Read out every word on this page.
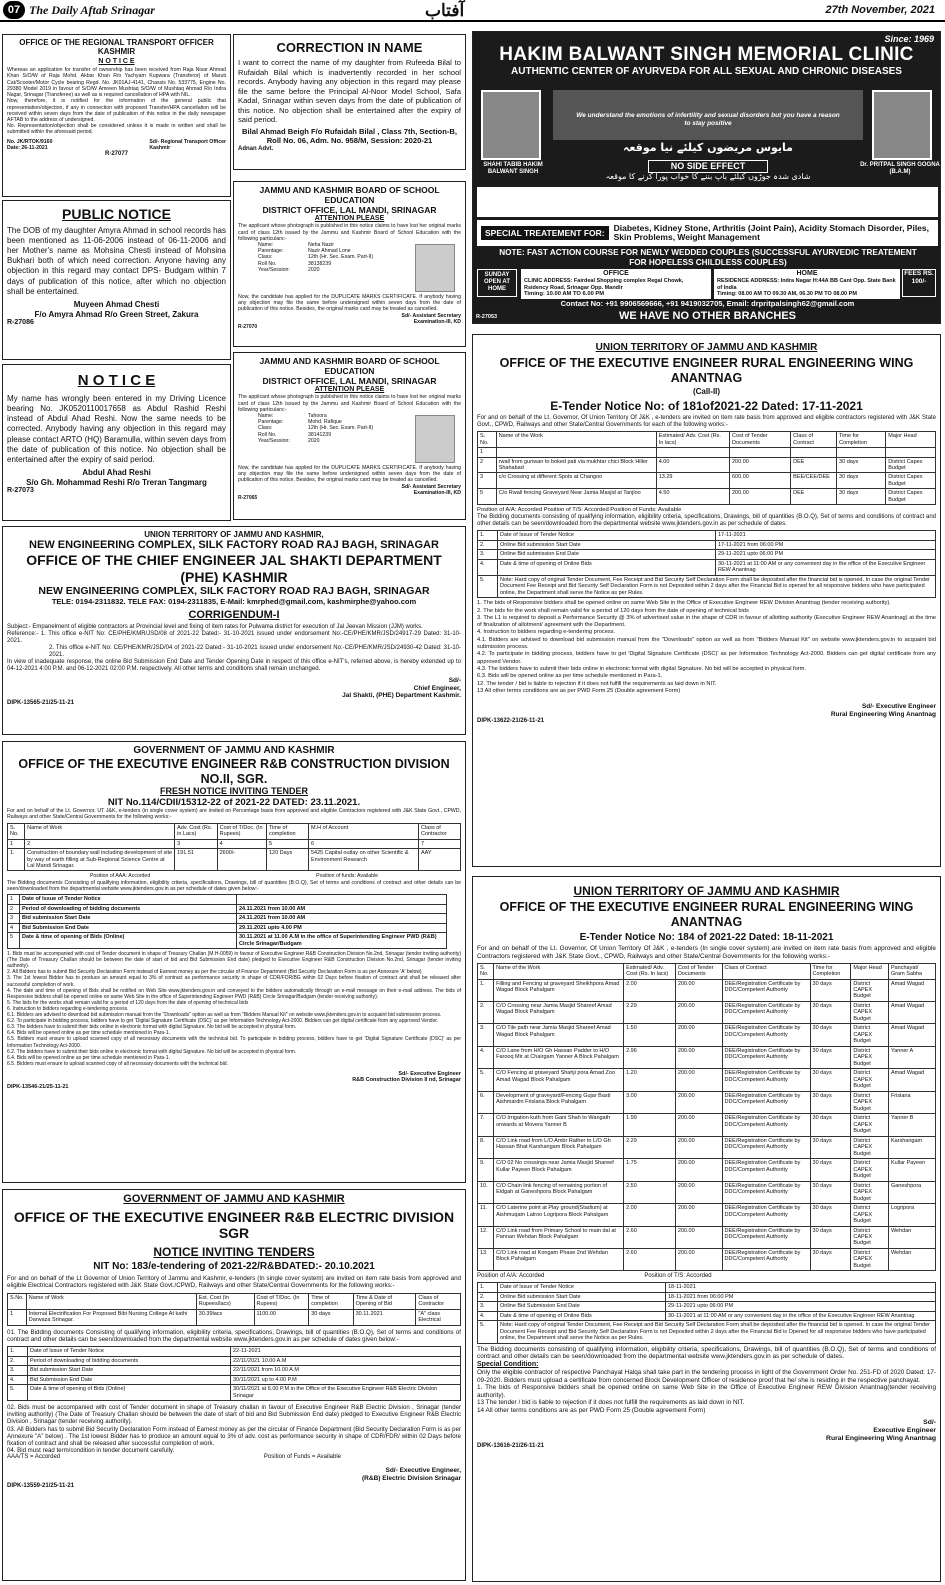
07 The Daily Aftab Srinagar	آفتاب	27th November, 2021
OFFICE OF THE REGIONAL TRANSPORT OFFICER KASHMIR
N O T I C E

Whereas an application for transfer of ownership has been received from Raja Nisar Ahmad Khan S/O/W of Raja Mohd. Akbar Khan R/o Yachyam Kupwara (Transferor) of Maruti Cat/Scooter/Motor Cycle bearing Regd. No. JK01AJ-4141, Chassis No. 533775, Engine No. 29380 Model 2019 in favour of S/O/W Amreen Mushtaq S/O/W of Mushtaq Ahmad R/o Indra Nagar, Srinagar (Transferee) as well as is required cancellation of HPA with NIL.

Now, therefore, it is notified for the information of the general public that representation/objection, if any in connection with proposed Transfer/HPA cancellation will be received within seven days from the date of publication of this notice in the daily newspaper AFTAB to the address of undersigned.

No. Representation/objection shall be considered unless it is made in written and shall be submitted within the aforesaid period.

No. JK/RTOK/9160
Date: 26-11-2021
Sd/- Regional Transport Officer
Kashmir
R-27077
CORRECTION IN NAME

I want to correct the name of my daughter from Rufeeda Bilal to Rufaidah Bilal which is inadvertently recorded in her school records. Anybody having any objection in this regard may please file the same before the Principal Al-Noor Model School, Safa Kadal, Srinagar within seven days from the date of publication of this notice. No objection shall be entertained after the expiry of said period.

Bilal Ahmad Beigh F/o Rufaidah Bilal , Class 7th, Section-B, Roll No. 06, Adm. No. 958/M, Session: 2020-21

Adnan Advt.
PUBLIC NOTICE

The DOB of my daughter Amyra Ahmad in school records has been mentioned as 11-06-2006 instead of 06-11-2006 and her Mother's name as Mohsina Chesti instead of Mohsina Bukhari both of which need correction. Anyone having any objection in this regard may contact DPS- Budgam within 7 days of publication of this notice, after which no objection shall be entertained.

Muyeen Ahmad Chesti

F/o Amyra Ahmad R/o Green Street, Zakura

R-27086
N O T I C E

My name has wrongly been entered in my Driving Licence bearing No. JK0520110017658 as Abdul Rashid Reshi instead of Abdul Ahad Reshi. Now the same needs to be corrected. Anybody having any objection in this regard may please contact ARTO (HQ) Baramulla, within seven days from the date of publication of this notice. No objection shall be entertained after the expiry of said period.

Abdul Ahad Reshi

S/o Gh. Mohammad Reshi R/o Treran Tangmarg

R-27073
JAMMU AND KASHMIR BOARD OF SCHOOL EDUCATION
DISTRICT OFFICE, LAL MANDI, SRINAGAR
ATTENTION PLEASE

The applicant whose photograph is published in this notice claims to have lost her original marks card of class 12th issued by the Jammu and Kashmir Board of School Education with the following particulars:-

Name:	Neha Nazir
Parentage:	Nazir Ahmad Lone
Class:	12th (Hr. Sec. Exam. Part-II)
Roll No.	38138239
Year/Session:	2020

Now, the candidate has applied for the DUPLICATE MARKS CERTIFICATE. If anybody having any objection may file the same before undersigned within seven days from the date of publication of this notice. Besides, the original marks card may be treated as cancelled.

Sd/- Assistant Secretary
Examination-III, KD
R-27070
JAMMU AND KASHMIR BOARD OF SCHOOL EDUCATION
DISTRICT OFFICE, LAL MANDI, SRINAGAR
ATTENTION PLEASE

The applicant whose photograph is published in this notice claims to have lost her original marks card of class 12th issued by the Jammu and Kashmir Board of School Education with the following particulars:-

Name:	Tahoora
Parentage:	Mohd. Rafique
Class:	12th (Hr. Sec. Exam. Part-II)
Roll No.	38141239
Year/Session:	2020

Now, the candidate has applied for the DUPLICATE MARKS CERTIFICATE. If anybody having any objection may file the same before undersigned within seven days from the date of publication of this notice. Besides, the original marks card may be treated as cancelled.

Sd/- Assistant Secretary
Examination-III, KD
R-27065
Since: 1969
HAKIM BALWANT SINGH MEMORIAL CLINIC
AUTHENTIC CENTER OF AYURVEDA FOR ALL SEXUAL AND CHRONIC DISEASES
We understand the emotions of infertility and sexual disorders but you have a reason to stay positive
مایوس مریضوں کیلئے نیا موقعہ
SHAHI TABIB HAKIM BALWANT SINGH
Dr. PRITPAL SINGH GOGNA (B.A.M)
NO SIDE EFFECT
شادی شدہ جوڑوں کیلئے باپ بننے کا خواب پورا کرنے کا موقعہ
SPECIAL TREATEMENT FOR:
Diabetes, Kidney Stone, Arthritis (Joint Pain), Acidity Stomach Disorder, Piles, Skin Problems, Weight Management
NOTE: FAST ACTION COURSE FOR NEWLY WEDDED COUPLES (SUCCESSFUL AYURVEDIC TREATEMENT FOR HOPELESS CHILDLESS COUPLES)
SUNDAY OPEN AT HOME
OFFICE
CLINIC ADDRESS: Fairdeal Shopping complex Regal Chowk, Rsidency Road, Srinagar Opp. Mandir
Timing: 10.00 AM TO 6.00 PM
HOME
RESIDENCE ADDRESS: Indra Nagar H:44A BB Cant Opp. State Bank of India
Timing: 08.00 AM TO 09.30 AM, 06.30 PM TO 08.00 PM
FEES RS. 100/-
Contact No: +91 9906569666, +91 9419032705, Email: drpritpalsingh62@gmail.com
WE HAVE NO OTHER BRANCHES
R-27053
UNION TERRITORY OF JAMMU AND KASHMIR,
NEW ENGINEERING COMPLEX, SILK FACTORY ROAD RAJ BAGH, SRINAGAR
OFFICE OF THE CHIEF ENGINEER JAL SHAKTI DEPARTMENT (PHE) KASHMIR
NEW ENGINEERING COMPLEX, SILK FACTORY ROAD RAJ BAGH, SRINAGAR
TELE: 0194-2311832. TELE FAX: 0194-2311835, E-Mail: kmrphed@gmail.com, kashmirphe@yahoo.com
CORRIGENDUM-I

Subject:- Empanelment of eligible contractors at Provincial level and fixing of item rates for Pulwama district for execution of Jal Jeevan Mission (JJM) works.

Reference:- 1. This office e-NIT No: CE/PHE/KMR/JSD/08 of 2021-22 Dated:- 31-10-2021 issued under endorsement No:-CE/PHE/KMR/JSD/24917-29 Dated: 31-10-2021.

2. This office e-NIT No: CE/PHE/KMR/JSD/04 of 2021-22 Dated:- 31-10-2021 issued under endorsement No:-CE/PHE/KMR/JSD/24930-42 Dated: 31-10-2021.

In view of inadequate response, the online Bid Submission End Date and Tender Opening Date in respect of this office e-NIT's, referred above, is hereby extended up to 04-12-2021 4:00 P.M. and 06-12-2021 02:00 P.M. respectively. All other terms and conditions shall remain unchanged.

Sd/-
Chief Engineer,
Jal Shakti, (PHE) Department Kashmir.
DIPK-13565-21/25-11-21
GOVERNMENT OF JAMMU AND KASHMIR
OFFICE OF THE EXECUTIVE ENGINEER R&B CONSTRUCTION DIVISION NO.II, SGR.
FRESH NOTICE INVITING TENDER
NIT No.114/CDII/15312-22 of 2021-22 DATED: 23.11.2021.

For and on behalf of the Lt. Governor, UT J&K, e-tenders (in single cover system) are invited on Percentage basis from approved and eligible Contractors registered with J&K State Govt., CPWD, Railways and other State/Central Governments for the following works:-

S. No.	Name of Work	Adv. Cost (Rs. in Lacs)	Cost of T/Doc. (In Rupees)	Time of completion	M.H of Account	Class of Contractor
1	2	3	4	5	6	7
1.	Construction of boundary wall including development of site by way of earth filling at Sub-Regional Science Centre at Lal Mandi Srinagar.	191.51	2600/-	120 Days	5425 Capital outlay on other Scientific & Environment Research	AAY
Position of AAA: Accorded	Position of funds: Available

The Bidding documents Consisting of qualifying information, eligibility criteria, specifications, Drawings, bill of quantities (B.O.Q), Set of terms and conditions of contract and other details can be seen/downloaded from the departmental website www.jktenders.gov.in as per schedule of dates given below:-

1	Date of Issue of Tender Notice	
2	Period of downloading of bidding documents	24.11.2021 from 10.00 AM
3	Bid submission Start Date	24.11.2021 from 10.00 AM
4	Bid Submission End Date	29.11.2021 upto 4.00 PM
5	Date & time of opening of Bids (Online)	30.11.2021 at 11.00 A.M in the office of Superintending Engineer PWD (R&B) Circle Srinagar/Budgam

1. Bids must be accompanied with cost of Tender document in shape of Treasury Challan (M.H-0059) in favour of Executive Engineer R&B Construction Division No.2nd, Srinagar (tender inviting authority) (The Date of Treasury Challan should be between the date of start of bid and Bid Submission End date) pledged to Executive Engineer R&B Construction Division No.2nd, Srinagar (tender inviting authority).

2. All Bidders has to submit Bid Security Declaration Form instead of Earnest money as per the circular of Finance Department (Bid Security Declaration Form is as per Annexure 'A' below)

3. The 1st lowest Bidder has to produce an amount equal to 3% of contract as performance security in shape of CDR/FDR/BG within 02 Days before fixation of contract and shall be released after successful completion of work.

4. The date and time of opening of Bids shall be notified on Web Site www.jktenders.gov.in and conveyed to the bidders automatically through an e-mail message on their e-mail address. The bids of Responsive bidders shall be opened online on same Web Site in the office of Superintending Engineer PWD (R&B) Circle Srinagar/Budgam (tender receiving authority).

5. The bids for the works shall remain valid for a period of 120 days from the date of opening of technical bids

6. Instruction to bidders regarding e-tendering process.

6.1. Bidders are advised to download bid submission manual from the "Downloads" option as well as from "Bidders Manual Kit" on website www.jktenders.gov.in to acquaint bid submission process.

6.2. To participate in bidding process, bidders have to get 'Digital Signature Certificate (DSC)' as per Information Technology Act-2000. Bidders can get digital certificate from any approved Vendor.

6.3. The bidders have to submit their bids online in electronic format with digital Signature. No bid will be accepted in physical form.

6.4. Bids will be opened online as per time schedule mentioned in Para-1.

6.5. Bidders must ensure to upload scanned copy of all necessary documents with the technical bid. To participate in bidding process, bidders have to get 'Digital Signature Certificate (DSC)' as per Information Technology Act-2000.

6.2. The bidders have to submit their bids online in electronic format with digital Signature. No bid will be accepted in physical form.

6.4. Bids will be opened online as per time schedule mentioned in Para-1.

6.5. Bidders must ensure to upload scanned copy of all necessary documents with the technical bid.

Sd/- Executive Engineer
R&B Construction Division II nd, Srinagar
DIPK-13546-21/25-11-21
GOVERNMENT OF JAMMU AND KASHMIR
OFFICE OF THE EXECUTIVE ENGINEER R&B ELECTRIC DIVISION SGR
NOTICE INVITING TENDERS
NIT No: 183/e-tendering of 2021-22/R&BDATED:- 20.10.2021

For and on behalf of the Lt Governor of Union Territory of Jammu and Kashmir, e-tenders (In single cover system) are invited on item rate basis from approved and eligible Electrical Contractors registered with J&K State Govt./CPWD, Railways and other State/Central Governments for the following works:-

S.No.	Name of Work	Est. Cost (In Rupees/lacs)	Cost of T/Doc. (In Rupees)	Time of completion	Time & Date of Opening of Bid	Class of Contractor
1	Internal Electrification For Proposed Bibi Nursing College At kathi Darwaza Srinagar.	30.39lacs	1100.00	30 days	30.11.2021	"A" class Electrical

01. The Bidding documents Consisting of qualifying information, eligibility criteria, specifications, Drawings, bill of quantities (B.O.Q), Set of terms and conditions of contract and other details can be seen/downloaded from the departmental website www.jktenders.gov.in as per schedule of dates given below:-

1.	Date of Issue of Tender Notice	22-11-2021
2.	Period of downloading of bidding documents	22/11/2021 10.00 A.M
3.	Bid submission Start Date	22/11/2021 from 10.00 A.M
4.	Bid Submission End Date	30/11/2021 up to 4.00 P.M
5.	Date & time of opening of Bids (Online)	30/11/2021 at 6.00 P.M in the Office of the Executive Engineer R&B Electric Division Srinagar

02. Bids must be accompanied with cost of Tender document in shape of Treasury challan in favour of Executive Engineer R&B Electric Division , Srinagar (tender inviting authority) (The Date of Treasury Challan should be between the date of start of bid and Bid Submission End date) pledged to Executive Engineer R&B Electric Division , Srinagar (tender receiving authority).

03. All Bidders has to submit Bid Security Declaration Form instead of Earnest money as per the circular of Finance Department (Bid Security Declaration Form is as per Annexure "A" below) . The 1st lowest Bidder has to produce an amount equal to 3% of adv. cost as performance security in shape of CDR/FDR/ within 02 Days before fixation of contract and shall be released after successful completion of work.

04. Bid must read term/condition in tender document carefully.

AAA/TS = Accorded	Position of Funds = Available
Sd/- Executive Engineer,
(R&B) Electric Division Srinagar
DIPK-13559-21/25-11-21
UNION TERRITORY OF JAMMU AND KASHMIR
OFFICE OF THE EXECUTIVE ENGINEER RURAL ENGINEERING WING ANANTNAG
(Call-II)
E-Tender Notice No: of 181of2021-22 Dated: 17-11-2021

For and on behalf of the Lt. Governor, Of Union Territory Of J&K , e-tenders are invited on item rate basis from approved and eligible contractors registered with J&K State Govt., CPWD, Railways and other State/Central Governments for each of the following works:-

S. No.	Name of the Work	Estimated/ Adv. Cost (Rs. In lacs)	Cost of Tender Documents	Class of Contract	Time for Completion	Major Head
1						
2	rwall from guriwan to boked pati via mukhtar chici Block Hiller Shahabad	4.00	200.00	DEE	30 days	District Capex Budget
3	c/o Crossing at different Spots at Changoo	13.29	600.00	BEE/CEE/DEE	30 days	District Capex Budget
5	C/o Rwall fencing Graveyard Near Jamia Masjid at Tanjloo	4.50	200.00	DEE	30 days	District Capex Budget
Position of A/A: Accorded Position of T/S: Accorded Position of Funds: Available

The Bidding documents consisting of qualifying information, eligibility criteria, specifications, Drawings, bill of quantities (B.O.Q), Set of terms and conditions of contract and other details can be seen/downloaded from the departmental website www.jktenders.gov.in as per schedule of dates.

1.	Date of Issue of Tender Notice	17-11-2021
2.	Online Bid submission Start Date	17-11-2021 from 06:00 PM
3.	Online Bid submission End Date	29-11-2021 upto 06:00 PM
4.	Date & time of opening of Online Bids	30-11-2021 at 11:00 AM or any convenient day in the office of the Executive Engineer REW Anantnag
5.	Note: Hard copy of original Tender Document, Fee Receipt and Bid Security Self Declaration Form shall be deposited after the financial bid is opened. In case the original Tender Document Fee Receipt and Bid Security Self Declaration Form is not Deposited within 2 days after the Financial Bid is opened for all responsive bidders who have participated online, the Department shall serve the Notice as per Rules.	

1. The bids of Responsive bidders shall be opened online on same Web Site in the Office of Executive Engineer REW Division Anantnag (tender receiving authority).

2. The bids for the work shall remain valid for a period of 120 days from the date of opening of technical bids

3. The L1 is required to deposit a Performance Security @ 3% of advertised value in the shape of CDR in favour of allotting authority (Executive Engineer REW Anantnag) at the time of finalization of allotment/ agreement with the Department.

4. Instruction to bidders regarding e-tendering process.

4.1. Bidders are advised to download bid submission manual from the "Downloads" option as well as from "Bidders Manual Kit" on website www.jktenders.gov.in to acquaint bid submission process.

4.2. To participate in bidding process, bidders have to get 'Digital Signature Certificate (DSC)' as per Information Technology Act-2000. Bidders can get digital certificate from any approved Vendor.

4.3. The bidders have to submit their bids online in electronic format with digital Signature. No bid will be accepted in physical form.

6.3. Bids will be opened online as per time schedule mentioned in Para-1.

12. The tender / bid is liable to rejection if it does not fulfill the requirements as laid down in NIT.

13 All other terms conditions are as per PWD Form 25 (Double agreement Form)

Sd/- Executive Engineer
Rural Engineering Wing Anantnag
DIPK-13622-21/26-11-21
UNION TERRITORY OF JAMMU AND KASHMIR
OFFICE OF THE EXECUTIVE ENGINEER RURAL ENGINEERING WING ANANTNAG
E-Tender Notice No: 184 of 2021-22 Dated: 18-11-2021

For and on behalf of the Lt. Governor, Of Union Territory Of J&K , e-tenders (In single cover system) are invited on item rate basis from approved and eligible Contractors registered with J&K State Govt., CPWD, Railways and other State/Central Governments for the following works:-

S. No.	Name of the Work	Estimated/ Adv. Cost (Rs. In lacs)	Cost of Tender Documents	Class of Contract	Time for Completion	Major Head	Panchayat/ Gram Sabha
1.	Filling and Fencing at graveyard Sheikhpora Amad Wagad Block Pahalgam	2.00	200.00	DEE/Registration Certificate by DDC/Competent Authority	30 days	District CAPEX Budget	Amad Wagad
2.	C/O Crossing near Jamia Masjid Shareef Amad Wagad Block Pahalgam	2.29	200.00	DEE/Registration Certificate by DDC/Competent Authority	30 days	District CAPEX Budget	Amad Wagad
3.	C/O Tile path near Jamia Masjid Shareef Amad Wagad Block Pahalgam	1.50	200.00	DEE/Registration Certificate by DDC/Competent Authority	30 days	District CAPEX Budget	Amad Wagad
4.	C/O Lane from H/O Gh Hassan Padder to H/O Farooq Mir at Chairgam Yanner A Block Pahalgam	2.96	200.00	DEE/Registration Certificate by DDC/Competent Authority	30 days	District CAPEX Budget	Yanner A
5.	C/O Fencing at graveyard Shahji pora Amad Zoo Amad Wagad Block Pahalgam	1.20	200.00	DEE/Registration Certificate by DDC/Competent Authority	30 days	District CAPEX Budget	Amad Wagad
6.	Development of graveyard/Fencing Gujar Basti Aishmardin Frislana Block Pahalgam	3.00	200.00	DEE/Registration Certificate by DDC/Competent Authority	30 days	District CAPEX Budget	Frislana
7.	C/O Irrigation kuth from Gani Shah to Wangath onwards at Movera Yanner B	1.99	200.00	DEE/Registration Certificate by DDC/Competent Authority	30 days	District CAPEX Budget	Yanner B
8.	C/O Link road from L/O Ambr Rather to L/O Gh Hassan Bhat Karshangam Block Pahalgam	2.29	200.00	DEE/Registration Certificate by DDC/Competent Authority	30 days	District CAPEX Budget	Karshangam
9.	C/O 02 No crossings near Jamia Masjid Shareef Kullar Payeen Block Pahalgam	1.75	200.00	DEE/Registration Certificate by DDC/Competent Authority	30 days	District CAPEX Budget	Kullar Payeen
10.	C/O Chain link fencing of remaining portion of Eidgah at Ganeshpora Block Pahalgam	2.50	200.00	DEE/Registration Certificate by DDC/Competent Authority	30 days	District CAPEX Budget	Ganeshpora
11.	C/O Laterine point at Play ground(Stadium) at Aishmuqam Latroo Logripora Block Pahalgam	2.00	200.00	DEE/Registration Certificate by DDC/Competent Authority	30 days	District CAPEX Budget	Logripora
12.	C/O Link road from Primary School to main dal at Pannan Wehdan Block Pahalgam	2.60	200.00	DEE/Registration Certificate by DDC/Competent Authority	30 days	District CAPEX Budget	Wehdan
13.	C/O Link road at Kongam Phase 2nd Wehdan Block Pahalgam	2.60	200.00	DEE/Registration Certificate by DDC/Competent Authority	30 days	District CAPEX Budget	Wehdan
Position of A/A: Accorded	Position of T/S: Accorded
1.	Date of Issue of Tender Notice	18-11-2021
2.	Online Bid submission Start Date	18-11-2021 from 06:00 PM
3.	Online Bid Submission End Date	29-11-2021 upto 06:00 PM
4.	Date & time of opening of Online Bids	30-11-2021 at 11:00 AM or any convenient day in the office of the Executive Engineer REW Anantnag
5.	Note: Hard copy of original Tender Document, Fee Receipt and Bid Security Self Declaration Form shall be deposited after the financial bid is opened. In case the original Tender Document Fee Receipt and Bid Security Self Declaration Form is not Deposited within 2 days after the Financial Bid is Opened for all responsive bidders who have participated online, the Department shall serve the Notice as per Rules.	

The Bidding documents consisting of qualifying information, eligibility criteria, specifications, Drawings, bill of quantities (B.O.Q), Set of terms and conditions of contract and other details can be seen/downloaded from the departmental website www.jktenders.gov.in as per schedule of dates.

Special Condition:

Only the eligible contractor of respective Panchayat Halqa shall take part in the tendering process in light of the Government Order No. 251-FD of 2020 Dated: 17-09-2020. Bidders must upload a certificate from concerned Block Development Officer of residence proof that he/ she is residing in the respective panchayat.

1. The bids of Responsive bidders shall be opened online on same Web Site in the Office of Executive Engineer REW Division Anantnag(tender receiving authority).

13 The tender / bid is liable to rejection if it does not fulfill the requirements as laid down in NIT.

14 All other terms conditions are as per PWD Form 25 (Double agreement Form)

Sd/-
Executive Engineer
Rural Engineering Wing Anantnag
DIPK-13616-21/26-11-21
